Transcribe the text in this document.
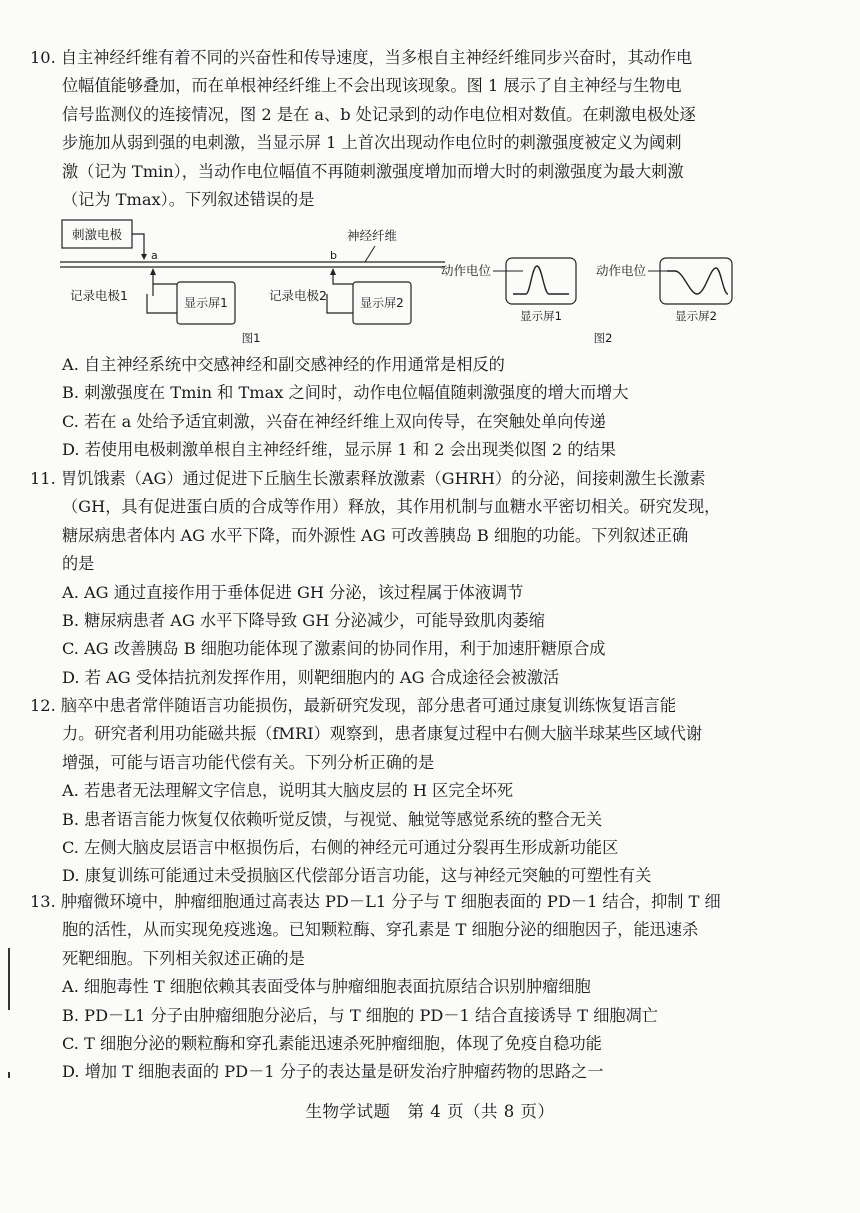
10. 自主神经纤维有着不同的兴奋性和传导速度，当多根自主神经纤维同步兴奋时，其动作电
位幅值能够叠加，而在单根神经纤维上不会出现该现象。图 1 展示了自主神经与生物电
信号监测仪的连接情况，图 2 是在 a、b 处记录到的动作电位相对数值。在刺激电极处逐
步施加从弱到强的电刺激，当显示屏 1 上首次出现动作电位时的刺激强度被定义为阈刺
激（记为 Tmin），当动作电位幅值不再随刺激强度增加而增大时的刺激强度为最大刺激
（记为 Tmax）。下列叙述错误的是
刺激电极
a	b
神经纤维
记录电极1	显示屏1	记录电极2	显示屏2
图1
动作电位
显示屏1
动作电位
显示屏2
图2
A. 自主神经系统中交感神经和副交感神经的作用通常是相反的
B. 刺激强度在 Tmin 和 Tmax 之间时，动作电位幅值随刺激强度的增大而增大
C. 若在 a 处给予适宜刺激，兴奋在神经纤维上双向传导，在突触处单向传递
D. 若使用电极刺激单根自主神经纤维，显示屏 1 和 2 会出现类似图 2 的结果
11. 胃饥饿素（AG）通过促进下丘脑生长激素释放激素（GHRH）的分泌，间接刺激生长激素
（GH，具有促进蛋白质的合成等作用）释放，其作用机制与血糖水平密切相关。研究发现，
糖尿病患者体内 AG 水平下降，而外源性 AG 可改善胰岛 B 细胞的功能。下列叙述正确
的是
A. AG 通过直接作用于垂体促进 GH 分泌，该过程属于体液调节
B. 糖尿病患者 AG 水平下降导致 GH 分泌减少，可能导致肌肉萎缩
C. AG 改善胰岛 B 细胞功能体现了激素间的协同作用，利于加速肝糖原合成
D. 若 AG 受体拮抗剂发挥作用，则靶细胞内的 AG 合成途径会被激活
12. 脑卒中患者常伴随语言功能损伤，最新研究发现，部分患者可通过康复训练恢复语言能
力。研究者利用功能磁共振（fMRI）观察到，患者康复过程中右侧大脑半球某些区域代谢
增强，可能与语言功能代偿有关。下列分析正确的是
A. 若患者无法理解文字信息，说明其大脑皮层的 H 区完全坏死
B. 患者语言能力恢复仅依赖听觉反馈，与视觉、触觉等感觉系统的整合无关
C. 左侧大脑皮层语言中枢损伤后，右侧的神经元可通过分裂再生形成新功能区
D. 康复训练可能通过未受损脑区代偿部分语言功能，这与神经元突触的可塑性有关
13. 肿瘤微环境中，肿瘤细胞通过高表达 PD－L1 分子与 T 细胞表面的 PD－1 结合，抑制 T 细
胞的活性，从而实现免疫逃逸。已知颗粒酶、穿孔素是 T 细胞分泌的细胞因子，能迅速杀
死靶细胞。下列相关叙述正确的是
A. 细胞毒性 T 细胞依赖其表面受体与肿瘤细胞表面抗原结合识别肿瘤细胞
B. PD－L1 分子由肿瘤细胞分泌后，与 T 细胞的 PD－1 结合直接诱导 T 细胞凋亡
C. T 细胞分泌的颗粒酶和穿孔素能迅速杀死肿瘤细胞，体现了免疫自稳功能
D. 增加 T 细胞表面的 PD－1 分子的表达量是研发治疗肿瘤药物的思路之一
生物学试题　第 4 页（共 8 页）
